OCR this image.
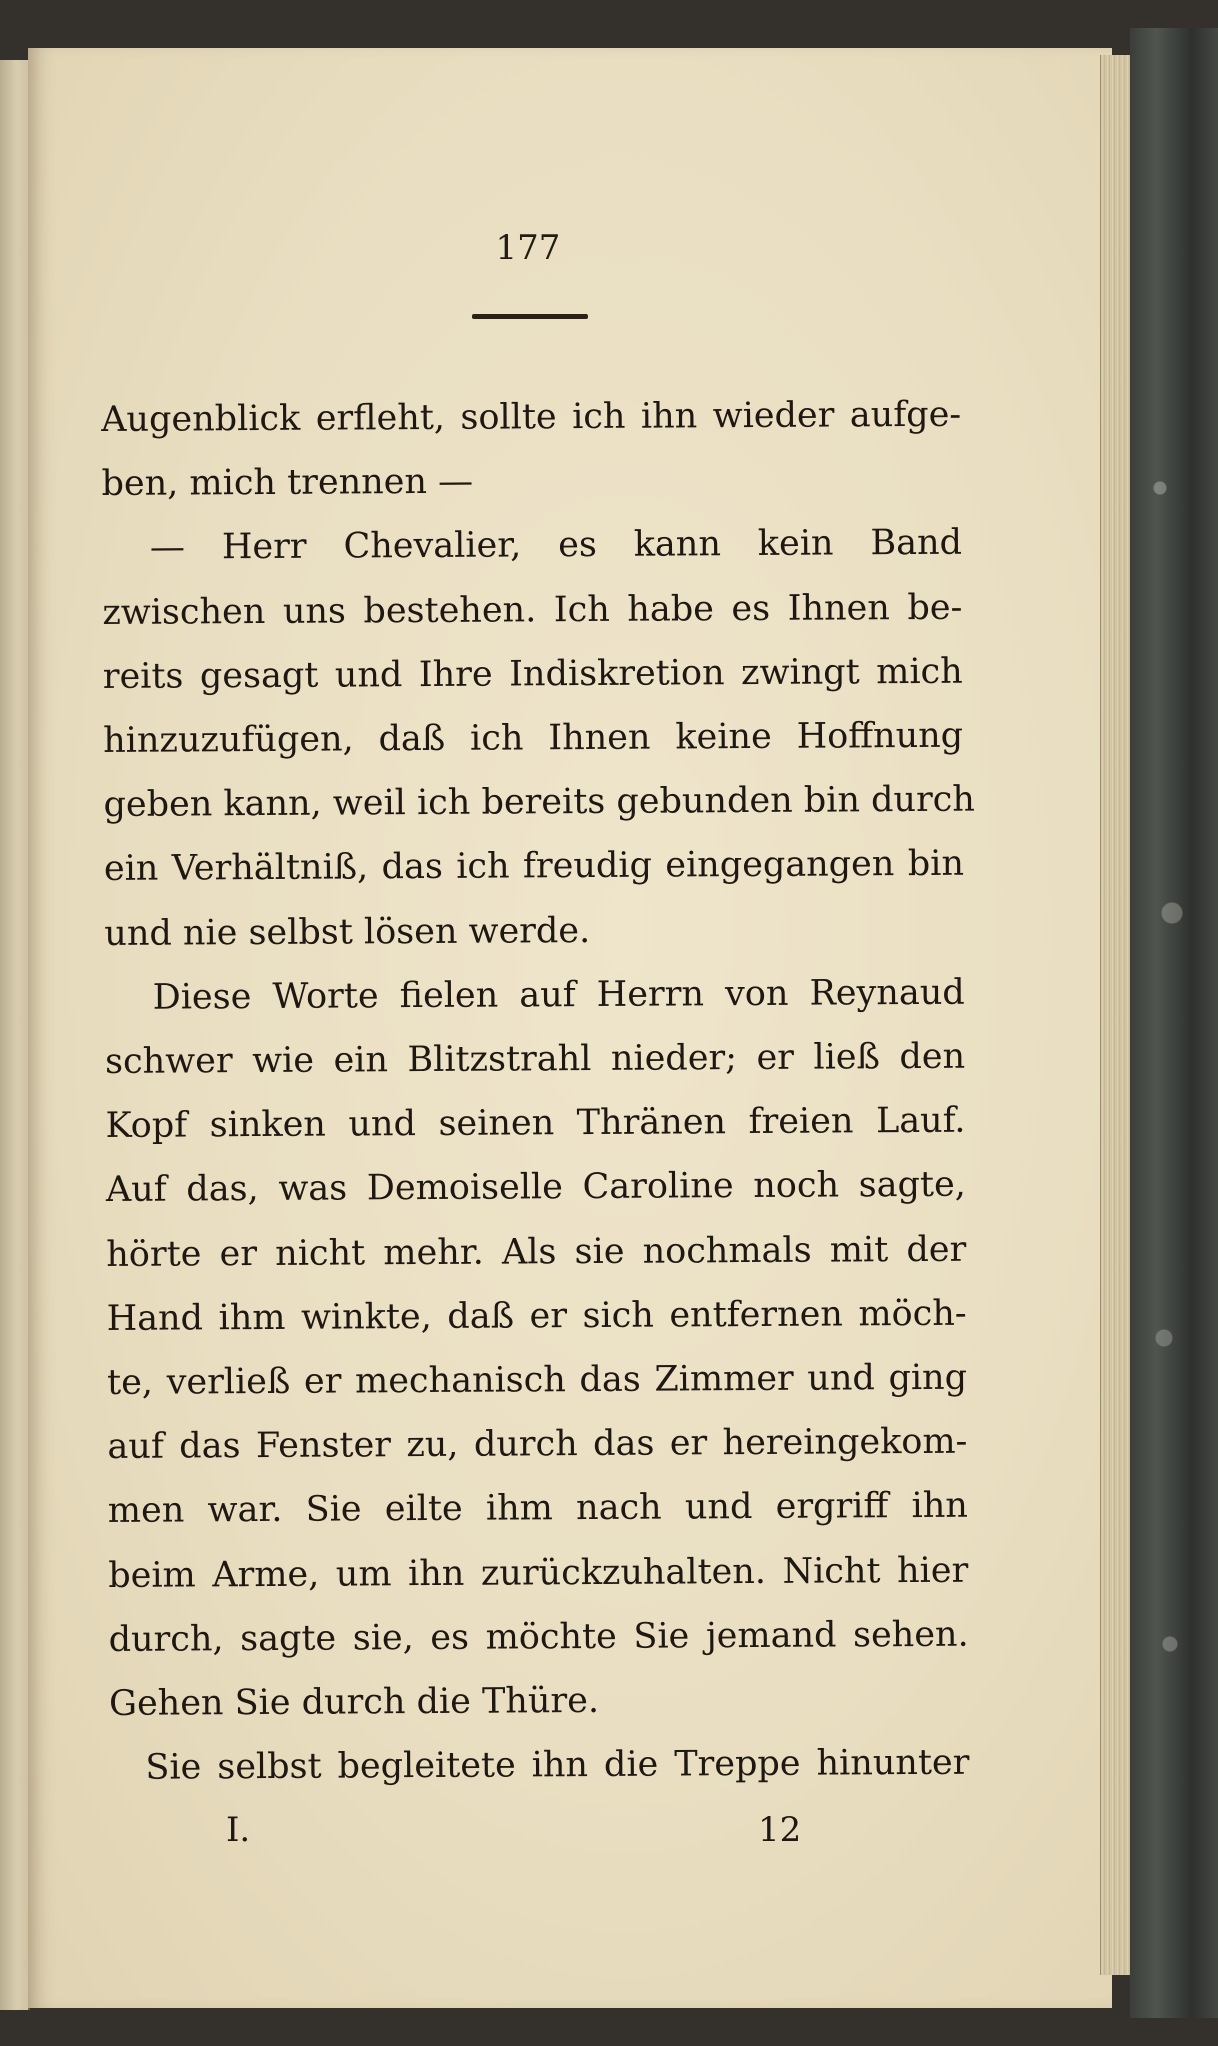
177
Augenblick erfleht, sollte ich ihn wieder aufge-
ben, mich trennen —
— Herr Chevalier, es kann kein Band
zwischen uns bestehen. Ich habe es Ihnen be-
reits gesagt und Ihre Indiskretion zwingt mich
hinzuzufügen, daß ich Ihnen keine Hoffnung
geben kann, weil ich bereits gebunden bin durch
ein Verhältniß, das ich freudig eingegangen bin
und nie selbst lösen werde.
Diese Worte fielen auf Herrn von Reynaud
schwer wie ein Blitzstrahl nieder; er ließ den
Kopf sinken und seinen Thränen freien Lauf.
Auf das, was Demoiselle Caroline noch sagte,
hörte er nicht mehr. Als sie nochmals mit der
Hand ihm winkte, daß er sich entfernen möch-
te, verließ er mechanisch das Zimmer und ging
auf das Fenster zu, durch das er hereingekom-
men war. Sie eilte ihm nach und ergriff ihn
beim Arme, um ihn zurückzuhalten. Nicht hier
durch, sagte sie, es möchte Sie jemand sehen.
Gehen Sie durch die Thüre.
Sie selbst begleitete ihn die Treppe hinunter
I.	12
